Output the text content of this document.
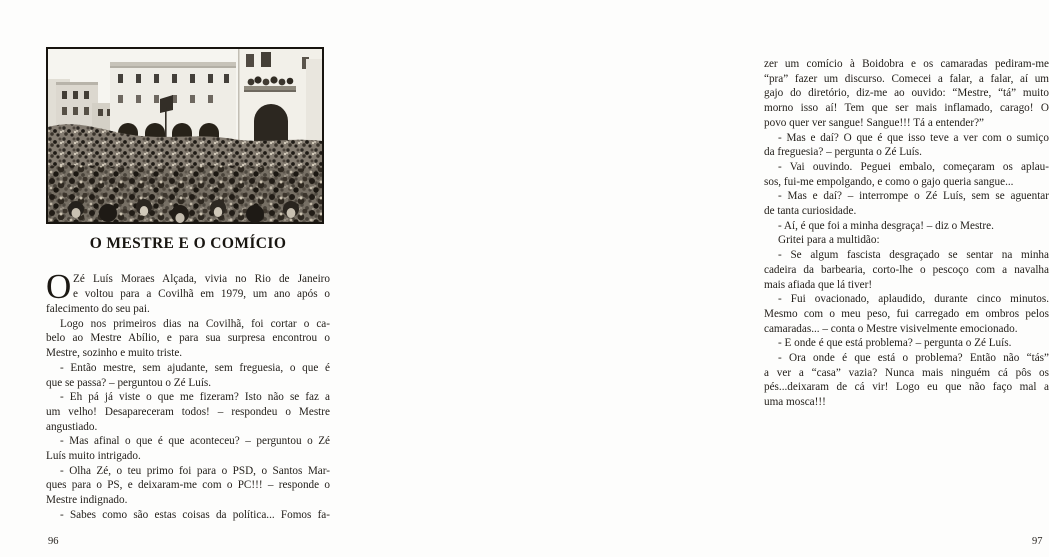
O MESTRE E O COMÍCIO
O Zé Luís Moraes Alçada, vivia no Rio de Janeiro
e voltou para a Covilhã em 1979, um ano após o
falecimento do seu pai.
Logo nos primeiros dias na Covilhã, foi cortar o ca-
belo ao Mestre Abílio, e para sua surpresa encontrou o
Mestre, sozinho e muito triste.
- Então mestre, sem ajudante, sem freguesia, o que é
que se passa? – perguntou o Zé Luís.
- Eh pá já viste o que me fizeram? Isto não se faz a
um velho! Desapareceram todos! – respondeu o Mestre
angustiado.
- Mas afinal o que é que aconteceu? – perguntou o Zé
Luís muito intrigado.
- Olha Zé, o teu primo foi para o PSD, o Santos Mar-
ques para o PS, e deixaram-me com o PC!!! – responde o
Mestre indignado.
- Sabes como são estas coisas da política... Fomos fa-
96
zer um comício à Boidobra e os camaradas pediram-me
“pra” fazer um discurso. Comecei a falar, a falar, aí um
gajo do diretório, diz-me ao ouvido: “Mestre, “tá” muito
morno isso aí! Tem que ser mais inflamado, carago! O
povo quer ver sangue! Sangue!!! Tá a entender?”
- Mas e daí? O que é que isso teve a ver com o sumiço
da freguesia? – pergunta o Zé Luís.
- Vai ouvindo. Peguei embalo, começaram os aplau-
sos, fui-me empolgando, e como o gajo queria sangue...
- Mas e daí? – interrompe o Zé Luís, sem se aguentar
de tanta curiosidade.
- Aí, é que foi a minha desgraça! – diz o Mestre.
Gritei para a multidão:
- Se algum fascista desgraçado se sentar na minha
cadeira da barbearia, corto-lhe o pescoço com a navalha
mais afiada que lá tiver!
- Fui ovacionado, aplaudido, durante cinco minutos.
Mesmo com o meu peso, fui carregado em ombros pelos
camaradas... – conta o Mestre visivelmente emocionado.
- E onde é que está problema? – pergunta o Zé Luís.
- Ora onde é que está o problema? Então não “tás”
a ver a “casa” vazia? Nunca mais ninguém cá pôs os
pés...deixaram de cá vir! Logo eu que não faço mal a
uma mosca!!!
97
